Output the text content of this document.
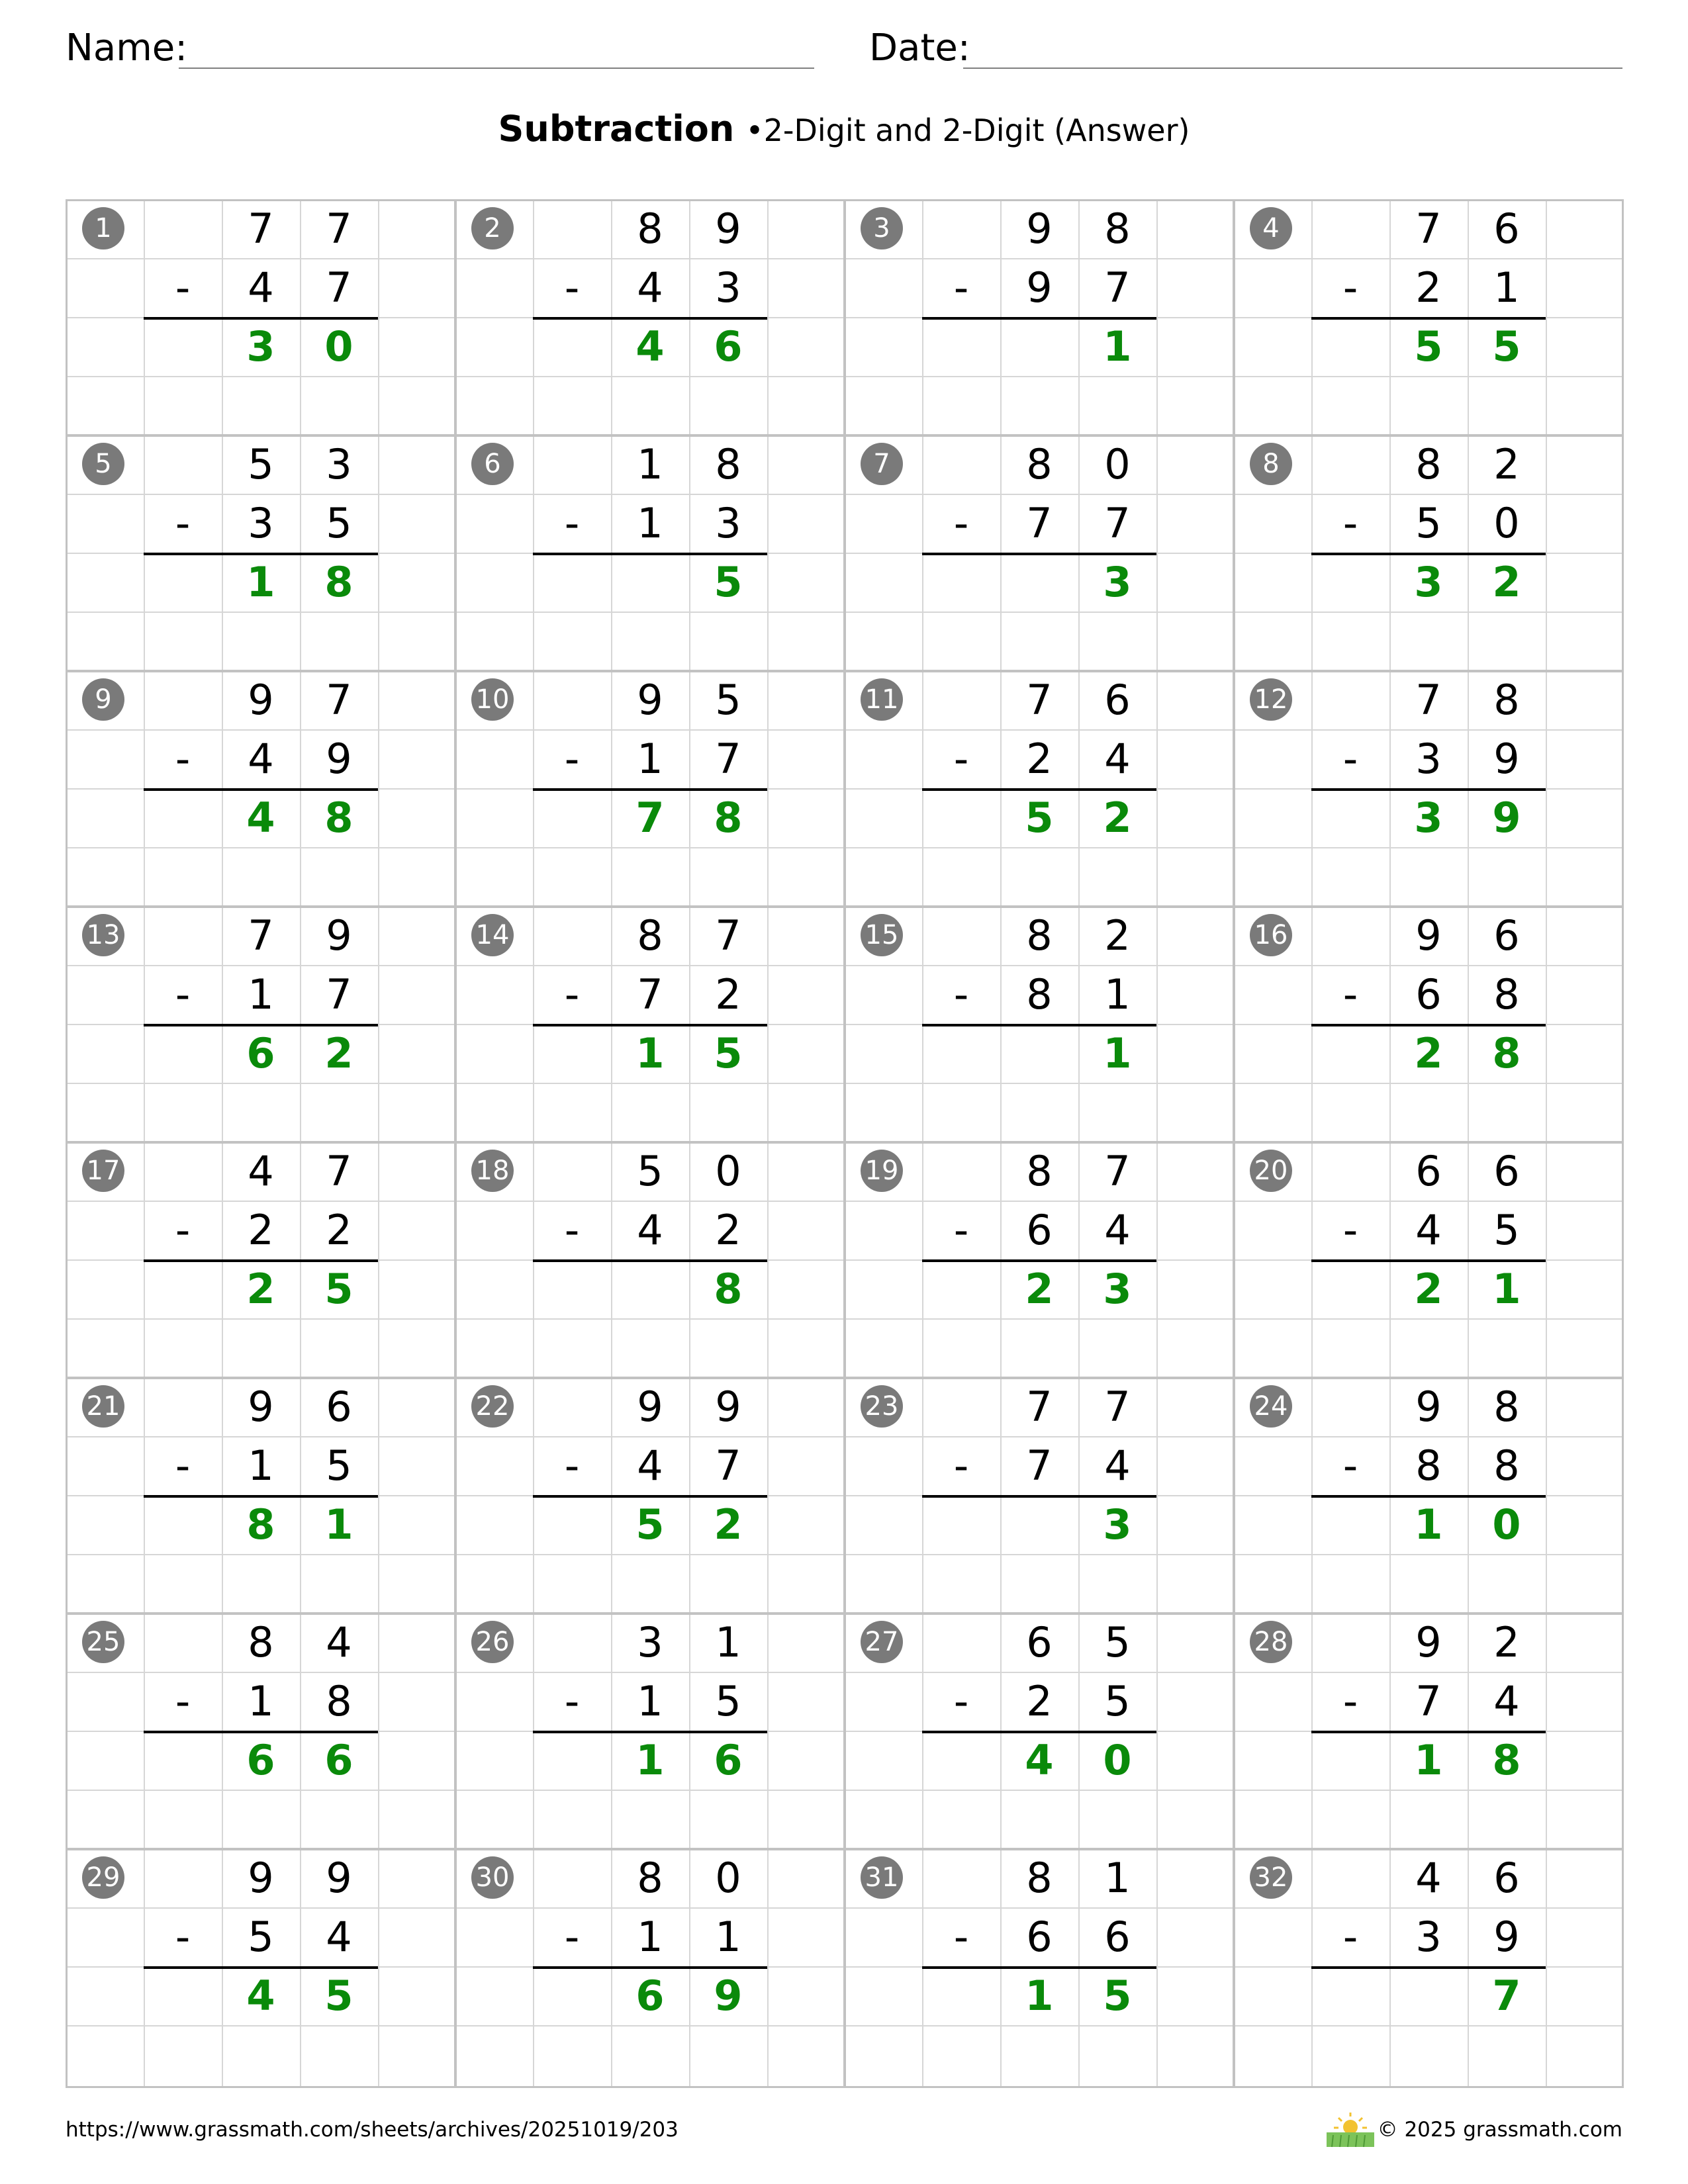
Name:	Date:
Subtraction •2-Digit and 2-Digit (Answer)
1	7	7
-	4	7
3	0
2	8	9
-	4	3
4	6
3	9	8
-	9	7
1
4	7	6
-	2	1
5	5
5	5	3
-	3	5
1	8
6	1	8
-	1	3
5
7	8	0
-	7	7
3
8	8	2
-	5	0
3	2
9	9	7
-	4	9
4	8
10	9	5
-	1	7
7	8
11	7	6
-	2	4
5	2
12	7	8
-	3	9
3	9
13	7	9
-	1	7
6	2
14	8	7
-	7	2
1	5
15	8	2
-	8	1
1
16	9	6
-	6	8
2	8
17	4	7
-	2	2
2	5
18	5	0
-	4	2
8
19	8	7
-	6	4
2	3
20	6	6
-	4	5
2	1
21	9	6
-	1	5
8	1
22	9	9
-	4	7
5	2
23	7	7
-	7	4
3
24	9	8
-	8	8
1	0
25	8	4
-	1	8
6	6
26	3	1
-	1	5
1	6
27	6	5
-	2	5
4	0
28	9	2
-	7	4
1	8
29	9	9
-	5	4
4	5
30	8	0
-	1	1
6	9
31	8	1
-	6	6
1	5
32	4	6
-	3	9
7
https://www.grassmath.com/sheets/archives/20251019/203	© 2025 grassmath.com
